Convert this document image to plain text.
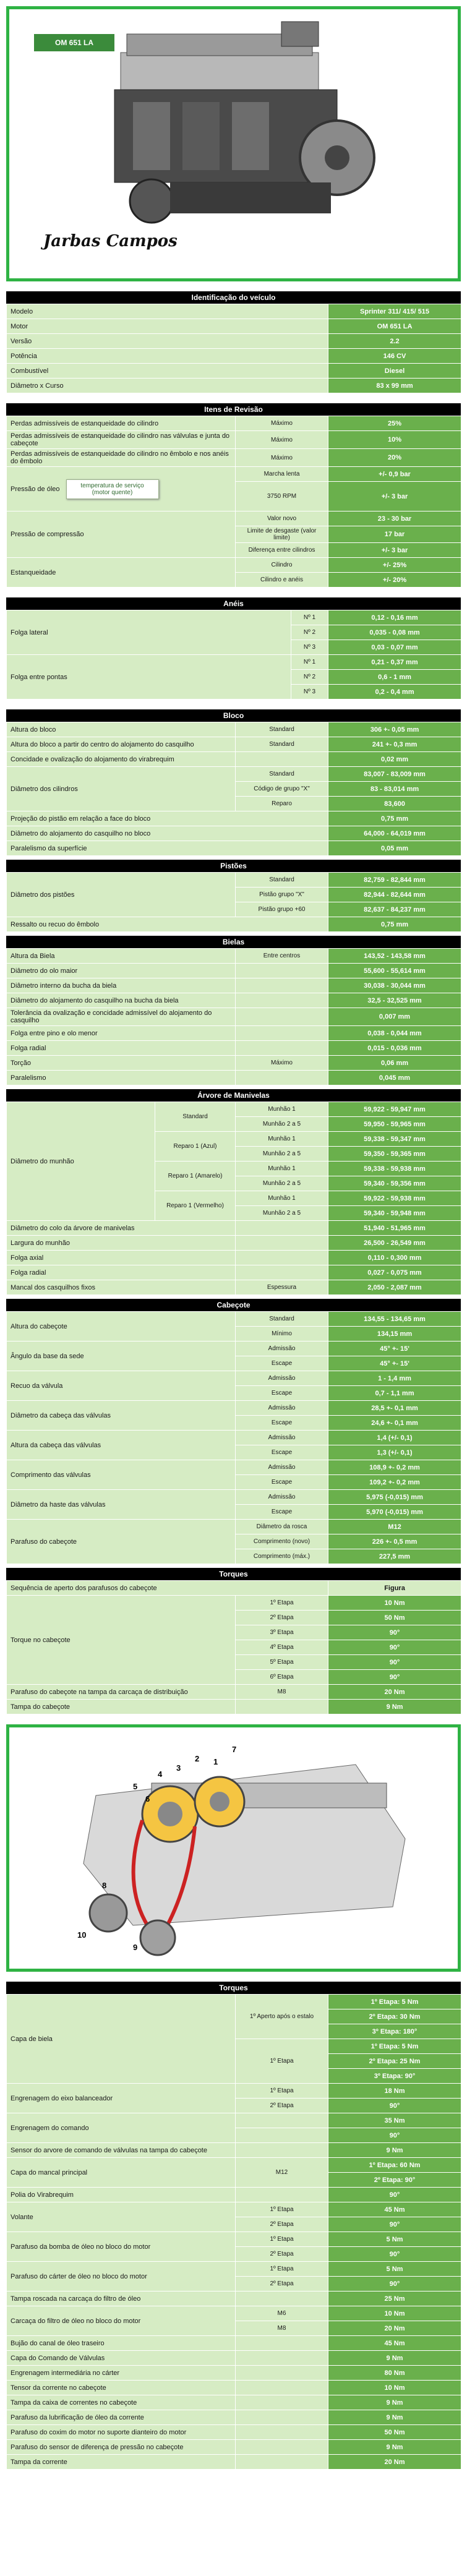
OM 651 LA
Jarbas Campos
Identificação do veículo
Modelo	Sprinter 311/ 415/ 515
Motor	OM 651 LA
Versão	2.2
Potência	146 CV
Combustível	Diesel
Diâmetro x Curso	83 x 99 mm
Itens de Revisão
Perdas admissíveis de estanqueidade do cilindro	Máximo	25%
Perdas admissíveis de estanqueidade do cilindro nas válvulas e junta do cabeçote	Máximo	10%
Perdas admissíveis de estanqueidade do cilindro no êmbolo e nos anéis do êmbolo	Máximo	20%
Pressão de óleo temperatura de serviço (motor quente)	Marcha lenta	+/- 0,9 bar
	3750 RPM	+/- 3 bar
Pressão de compressão	Valor novo	23 - 30 bar
	Limite de desgaste (valor limite)	17 bar
	Diferença entre cilindros	+/- 3 bar
Estanqueidade	Cilindro	+/- 25%
	Cilindro e anéis	+/- 20%
Anéis
Folga lateral	Nº 1	0,12 - 0,16 mm
	Nº 2	0,035 - 0,08 mm
	Nº 3	0,03 - 0,07 mm
Folga entre pontas	Nº 1	0,21 - 0,37 mm
	Nº 2	0,6 - 1 mm
	Nº 3	0,2 - 0,4 mm
Bloco
Altura do bloco	Standard	306 +- 0,05 mm
Altura do bloco a partir do centro do alojamento do casquilho	Standard	241 +- 0,3 mm
Concidade e ovalização do alojamento do virabrequim		0,02 mm
Diâmetro dos cilindros	Standard	83,007 - 83,009 mm
	Código de grupo "X"	83 - 83,014 mm
	Reparo	83,600
Projeção do pistão em relação a face do bloco		0,75 mm
Diâmetro do alojamento do casquilho no bloco		64,000 - 64,019 mm
Paralelismo da superfície		0,05 mm
Pistões
Diâmetro dos pistões	Standard	82,759 - 82,844 mm
	Pistão grupo "X"	82,944 - 82,644 mm
	Pistão grupo +60	82,637 - 84,237 mm
Ressalto ou recuo do êmbolo		0,75 mm
Bielas
Altura da Biela	Entre centros	143,52 - 143,58 mm
Diâmetro do olo maior		55,600 - 55,614 mm
Diâmetro interno da bucha da biela		30,038 - 30,044 mm
Diâmetro do alojamento do casquilho na bucha da biela		32,5 - 32,525 mm
Tolerância da ovalização e concidade admissível do alojamento do casquilho		0,007 mm
Folga entre pino e olo menor		0,038 - 0,044 mm
Folga radial		0,015 - 0,036 mm
Torção	Máximo	0,06 mm
Paralelismo		0,045 mm
Árvore de Manivelas
Diâmetro do munhão	Standard	Munhão 1	59,922 - 59,947 mm
		Munhão 2 a 5	59,950 - 59,965 mm
	Reparo 1 (Azul)	Munhão 1	59,338 - 59,347 mm
		Munhão 2 a 5	59,350 - 59,365 mm
	Reparo 1 (Amarelo)	Munhão 1	59,338 - 59,938 mm
		Munhão 2 a 5	59,340 - 59,356 mm
	Reparo 1 (Vermelho)	Munhão 1	59,922 - 59,938 mm
		Munhão 2 a 5	59,340 - 59,948 mm
Diâmetro do colo da árvore de manivelas			51,940 - 51,965 mm
Largura do munhão			26,500 - 26,549 mm
Folga axial			0,110 - 0,300 mm
Folga radial			0,027 - 0,075 mm
Mancal dos casquilhos fixos		Espessura	2,050 - 2,087 mm
Cabeçote
Altura do cabeçote	Standard	134,55 - 134,65 mm
	Mínimo	134,15 mm
Ângulo da base da sede	Admissão	45° +- 15'
	Escape	45° +- 15'
Recuo da válvula	Admissão	1 - 1,4 mm
	Escape	0,7 - 1,1 mm
Diâmetro da cabeça das válvulas	Admissão	28,5 +- 0,1 mm
	Escape	24,6 +- 0,1 mm
Altura da cabeça das válvulas	Admissão	1,4 (+/- 0,1)
	Escape	1,3 (+/- 0,1)
Comprimento das válvulas	Admissão	108,9 +- 0,2 mm
	Escape	109,2 +- 0,2 mm
Diâmetro da haste das válvulas	Admissão	5,975 (-0,015) mm
	Escape	5,970 (-0,015) mm
Parafuso do cabeçote	Diâmetro da rosca	M12
	Comprimento (novo)	226 +- 0,5 mm
	Comprimento (máx.)	227,5 mm
Torques
Sequência de aperto dos parafusos do cabeçote		Figura
Torque no cabeçote	1º Etapa	10 Nm
	2º Etapa	50 Nm
	3º Etapa	90°
	4º Etapa	90°
	5º Etapa	90°
	6º Etapa	90°
Parafuso do cabeçote na tampa da carcaça de distribuição	M8	20 Nm
Tampa do cabeçote		9 Nm
1
2
3
4
5
6
7
8
9
10
Torques
Capa de biela	1º Aperto após o estalo	1º Etapa: 5 Nm
		2º Etapa: 30 Nm
		3º Etapa: 180°
	1º Etapa	1º Etapa: 5 Nm
		2º Etapa: 25 Nm
		3º Etapa: 90°
Engrenagem do eixo balanceador	1º Etapa	18 Nm
	2º Etapa	90°
Engrenagem do comando		35 Nm
		90°
Sensor do arvore de comando de válvulas na tampa do cabeçote		9 Nm
Capa do mancal principal	M12	1º Etapa: 60 Nm
		2º Etapa: 90°
Polia do Virabrequim		90°
Volante	1º Etapa	45 Nm
	2º Etapa	90°
Parafuso da bomba de óleo no bloco do motor	1º Etapa	5 Nm
	2º Etapa	90°
Parafuso do cárter de óleo no bloco do motor	1º Etapa	5 Nm
	2º Etapa	90°
Tampa roscada na carcaça do filtro de óleo		25 Nm
Carcaça do filtro de óleo no bloco do motor	M6	10 Nm
	M8	20 Nm
Bujão do canal de óleo traseiro		45 Nm
Capa do Comando de Válvulas		9 Nm
Engrenagem intermediária no cárter		80 Nm
Tensor da corrente no cabeçote		10 Nm
Tampa da caixa de correntes no cabeçote		9 Nm
Parafuso da lubrificação de óleo da corrente		9 Nm
Parafuso do coxim do motor no suporte dianteiro do motor		50 Nm
Parafuso do sensor de diferença de pressão no cabeçote		9 Nm
Tampa da corrente		20 Nm
